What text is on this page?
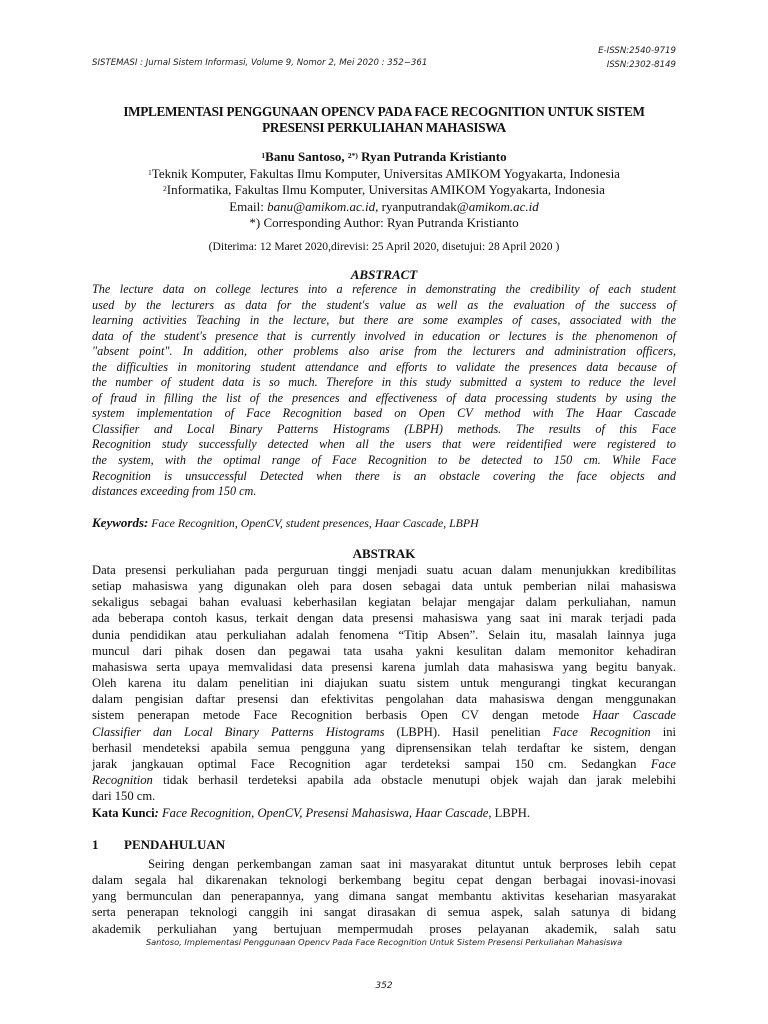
E-ISSN:2540-9719
ISSN:2302-8149
SISTEMASI : Jurnal Sistem Informasi, Volume 9, Nomor 2, Mei 2020 : 352−361
IMPLEMENTASI PENGGUNAAN OPENCV PADA FACE RECOGNITION UNTUK SISTEM
PRESENSI PERKULIAHAN MAHASISWA
$^1$Banu Santoso, $^{2*)}$ Ryan Putranda Kristianto
$^1$Teknik Komputer, Fakultas Ilmu Komputer, Universitas AMIKOM Yogyakarta, Indonesia
$^2$Informatika, Fakultas Ilmu Komputer, Universitas AMIKOM Yogyakarta, Indonesia
Email: banu@amikom.ac.id, ryanputrandak@amikom.ac.id
*) Corresponding Author: Ryan Putranda Kristianto
(Diterima: 12 Maret 2020,direvisi: 25 April 2020, disetujui: 28 April 2020 )
ABSTRACT
The lecture data on college lectures into a reference in demonstrating the credibility of each student
used by the lecturers as data for the student's value as well as the evaluation of the success of
learning activities Teaching in the lecture, but there are some examples of cases, associated with the
data of the student's presence that is currently involved in education or lectures is the phenomenon of
"absent point". In addition, other problems also arise from the lecturers and administration officers,
the difficulties in monitoring student attendance and efforts to validate the presences data because of
the number of student data is so much. Therefore in this study submitted a system to reduce the level
of fraud in filling the list of the presences and effectiveness of data processing students by using the
system implementation of Face Recognition based on Open CV method with The Haar Cascade
Classifier and Local Binary Patterns Histograms (LBPH) methods. The results of this Face
Recognition study successfully detected when all the users that were reidentified were registered to
the system, with the optimal range of Face Recognition to be detected to 150 cm. While Face
Recognition is unsuccessful Detected when there is an obstacle covering the face objects and
distances exceeding from 150 cm.
Keywords: Face Recognition, OpenCV, student presences, Haar Cascade, LBPH
ABSTRAK
Data presensi perkuliahan pada perguruan tinggi menjadi suatu acuan dalam menunjukkan kredibilitas
setiap mahasiswa yang digunakan oleh para dosen sebagai data untuk pemberian nilai mahasiswa
sekaligus sebagai bahan evaluasi keberhasilan kegiatan belajar mengajar dalam perkuliahan, namun
ada beberapa contoh kasus, terkait dengan data presensi mahasiswa yang saat ini marak terjadi pada
dunia pendidikan atau perkuliahan adalah fenomena “Titip Absen”. Selain itu, masalah lainnya juga
muncul dari pihak dosen dan pegawai tata usaha yakni kesulitan dalam memonitor kehadiran
mahasiswa serta upaya memvalidasi data presensi karena jumlah data mahasiswa yang begitu banyak.
Oleh karena itu dalam penelitian ini diajukan suatu sistem untuk mengurangi tingkat kecurangan
dalam pengisian daftar presensi dan efektivitas pengolahan data mahasiswa dengan menggunakan
sistem penerapan metode Face Recognition berbasis Open CV dengan metode Haar Cascade
Classifier dan Local Binary Patterns Histograms (LBPH). Hasil penelitian Face Recognition ini
berhasil mendeteksi apabila semua pengguna yang diprensensikan telah terdaftar ke sistem, dengan
jarak jangkauan optimal Face Recognition agar terdeteksi sampai 150 cm. Sedangkan Face
Recognition tidak berhasil terdeteksi apabila ada obstacle menutupi objek wajah dan jarak melebihi
dari 150 cm.
Kata Kunci: Face Recognition, OpenCV, Presensi Mahasiswa, Haar Cascade, LBPH.
1 PENDAHULUAN
Seiring dengan perkembangan zaman saat ini masyarakat dituntut untuk berproses lebih cepat
dalam segala hal dikarenakan teknologi berkembang begitu cepat dengan berbagai inovasi-inovasi
yang bermunculan dan penerapannya, yang dimana sangat membantu aktivitas keseharian masyarakat
serta penerapan teknologi canggih ini sangat dirasakan di semua aspek, salah satunya di bidang
akademik perkuliahan yang bertujuan mempermudah proses pelayanan akademik, salah satu
Santoso, Implementasi Penggunaan Opencv Pada Face Recognition Untuk Sistem Presensi Perkuliahan Mahasiswa
352
